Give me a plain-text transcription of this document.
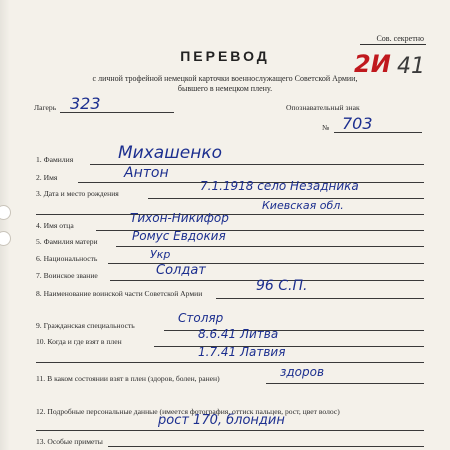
Сов. секретно
ПЕРЕВОД	2И 41
с личной трофейной немецкой карточки военнослужащего Советской Армии,
бывшего в немецком плену.
Лагерь 323	Опознавательный знак
№ 703
1. Фамилия	Михашенко
2. Имя	Антон
3. Дата и место рождения
7.1.1918 село Незадника
Киевская обл.
4. Имя отца
Тихон-Никифор
5. Фамилия матери	Ромус Евдокия
6. Национальность	Укр
7. Воинское звание	Солдат
8. Наименование воинской части Советской Армии	96 С.П.
9. Гражданская специальность
Столяр
10. Когда и где взят в плен
8.6.41 Литва
1.7.41 Латвия
11. В каком состоянии взят в плен (здоров, болен, ранен)	здоров
12. Подробные персональные данные (имеется фотография, оттиск пальцев, рост, цвет волос)
рост 170, блондин
13. Особые приметы
